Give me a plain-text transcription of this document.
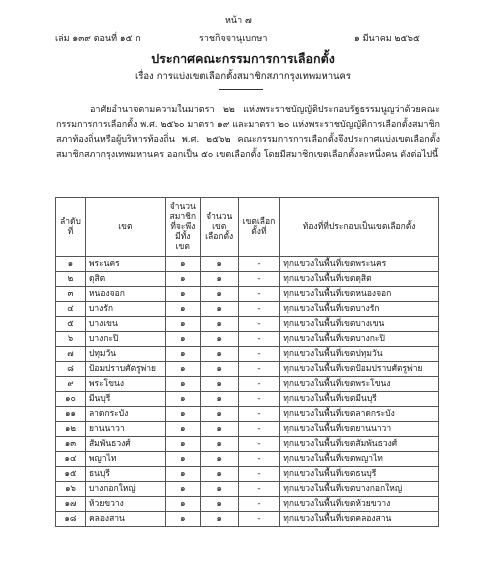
หน้า ๗
เล่ม ๑๓๙ ตอนที่ ๑๕ ก	ราชกิจจานุเบกษา	๑ มีนาคม ๒๕๖๕
ประกาศคณะกรรมการการเลือกตั้ง
เรื่อง การแบ่งเขตเลือกตั้งสมาชิกสภากรุงเทพมหานคร
อาศัยอำนาจตามความในมาตรา ๒๒ แห่งพระราชบัญญัติประกอบรัฐธรรมนูญว่าด้วยคณะกรรมการการเลือกตั้ง พ.ศ. ๒๕๖๐ มาตรา ๑๙ และมาตรา ๒๐ แห่งพระราชบัญญัติการเลือกตั้งสมาชิกสภาท้องถิ่นหรือผู้บริหารท้องถิ่น พ.ศ. ๒๕๖๒ คณะกรรมการการเลือกตั้งจึงประกาศแบ่งเขตเลือกตั้งสมาชิกสภากรุงเทพมหานคร ออกเป็น ๕๐ เขตเลือกตั้ง โดยมีสมาชิกเขตเลือกตั้งละหนึ่งคน ดังต่อไปนี้
ลำดับที่	เขต	จำนวนสมาชิกที่จะพึงมีทั้งเขต	จำนวนเขตเลือกตั้ง	เขตเลือกตั้งที่	ท้องที่ที่ประกอบเป็นเขตเลือกตั้ง
๑	พระนคร	๑	๑	-	ทุกแขวงในพื้นที่เขตพระนคร
๒	ดุสิต	๑	๑	-	ทุกแขวงในพื้นที่เขตดุสิต
๓	หนองจอก	๑	๑	-	ทุกแขวงในพื้นที่เขตหนองจอก
๔	บางรัก	๑	๑	-	ทุกแขวงในพื้นที่เขตบางรัก
๕	บางเขน	๑	๑	-	ทุกแขวงในพื้นที่เขตบางเขน
๖	บางกะปิ	๑	๑	-	ทุกแขวงในพื้นที่เขตบางกะปิ
๗	ปทุมวัน	๑	๑	-	ทุกแขวงในพื้นที่เขตปทุมวัน
๘	ป้อมปราบศัตรูพ่าย	๑	๑	-	ทุกแขวงในพื้นที่เขตป้อมปราบศัตรูพ่าย
๙	พระโขนง	๑	๑	-	ทุกแขวงในพื้นที่เขตพระโขนง
๑๐	มีนบุรี	๑	๑	-	ทุกแขวงในพื้นที่เขตมีนบุรี
๑๑	ลาดกระบัง	๑	๑	-	ทุกแขวงในพื้นที่เขตลาดกระบัง
๑๒	ยานนาวา	๑	๑	-	ทุกแขวงในพื้นที่เขตยานนาวา
๑๓	สัมพันธวงศ์	๑	๑	-	ทุกแขวงในพื้นที่เขตสัมพันธวงศ์
๑๔	พญาไท	๑	๑	-	ทุกแขวงในพื้นที่เขตพญาไท
๑๕	ธนบุรี	๑	๑	-	ทุกแขวงในพื้นที่เขตธนบุรี
๑๖	บางกอกใหญ่	๑	๑	-	ทุกแขวงในพื้นที่เขตบางกอกใหญ่
๑๗	ห้วยขวาง	๑	๑	-	ทุกแขวงในพื้นที่เขตห้วยขวาง
๑๘	คลองสาน	๑	๑	-	ทุกแขวงในพื้นที่เขตคลองสาน
